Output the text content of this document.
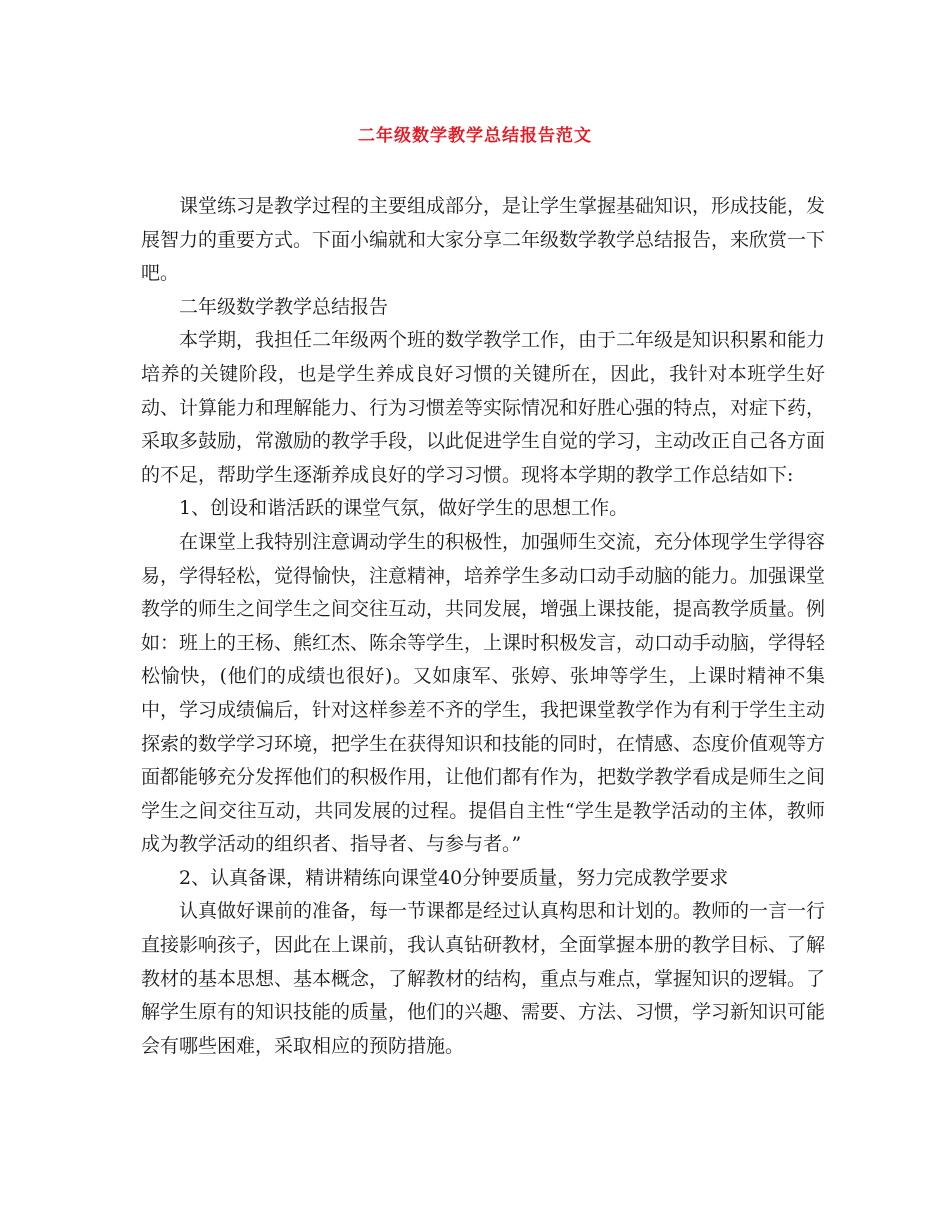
二年级数学教学总结报告范文

课堂练习是教学过程的主要组成部分，是让学生掌握基础知识，形成技能，发展智力的重要方式。下面小编就和大家分享二年级数学教学总结报告，来欣赏一下吧。

二年级数学教学总结报告

本学期，我担任二年级两个班的数学教学工作，由于二年级是知识积累和能力培养的关键阶段，也是学生养成良好习惯的关键所在，因此，我针对本班学生好动、计算能力和理解能力、行为习惯差等实际情况和好胜心强的特点，对症下药，采取多鼓励，常激励的教学手段，以此促进学生自觉的学习，主动改正自己各方面的不足，帮助学生逐渐养成良好的学习习惯。现将本学期的教学工作总结如下:

1、创设和谐活跃的课堂气氛，做好学生的思想工作。

在课堂上我特别注意调动学生的积极性，加强师生交流，充分体现学生学得容易，学得轻松，觉得愉快，注意精神，培养学生多动口动手动脑的能力。加强课堂教学的师生之间学生之间交往互动，共同发展，增强上课技能，提高教学质量。例如：班上的王杨、熊红杰、陈余等学生，上课时积极发言，动口动手动脑，学得轻松愉快，(他们的成绩也很好)。又如康军、张婷、张坤等学生，上课时精神不集中，学习成绩偏后，针对这样参差不齐的学生，我把课堂教学作为有利于学生主动探索的数学学习环境，把学生在获得知识和技能的同时，在情感、态度价值观等方面都能够充分发挥他们的积极作用，让他们都有作为，把数学教学看成是师生之间学生之间交往互动，共同发展的过程。提倡自主性“学生是教学活动的主体，教师成为教学活动的组织者、指导者、与参与者。”

2、认真备课，精讲精练向课堂40分钟要质量，努力完成教学要求

认真做好课前的准备，每一节课都是经过认真构思和计划的。教师的一言一行直接影响孩子，因此在上课前，我认真钻研教材，全面掌握本册的教学目标、了解教材的基本思想、基本概念，了解教材的结构，重点与难点，掌握知识的逻辑。了解学生原有的知识技能的质量，他们的兴趣、需要、方法、习惯，学习新知识可能会有哪些困难，采取相应的预防措施。
